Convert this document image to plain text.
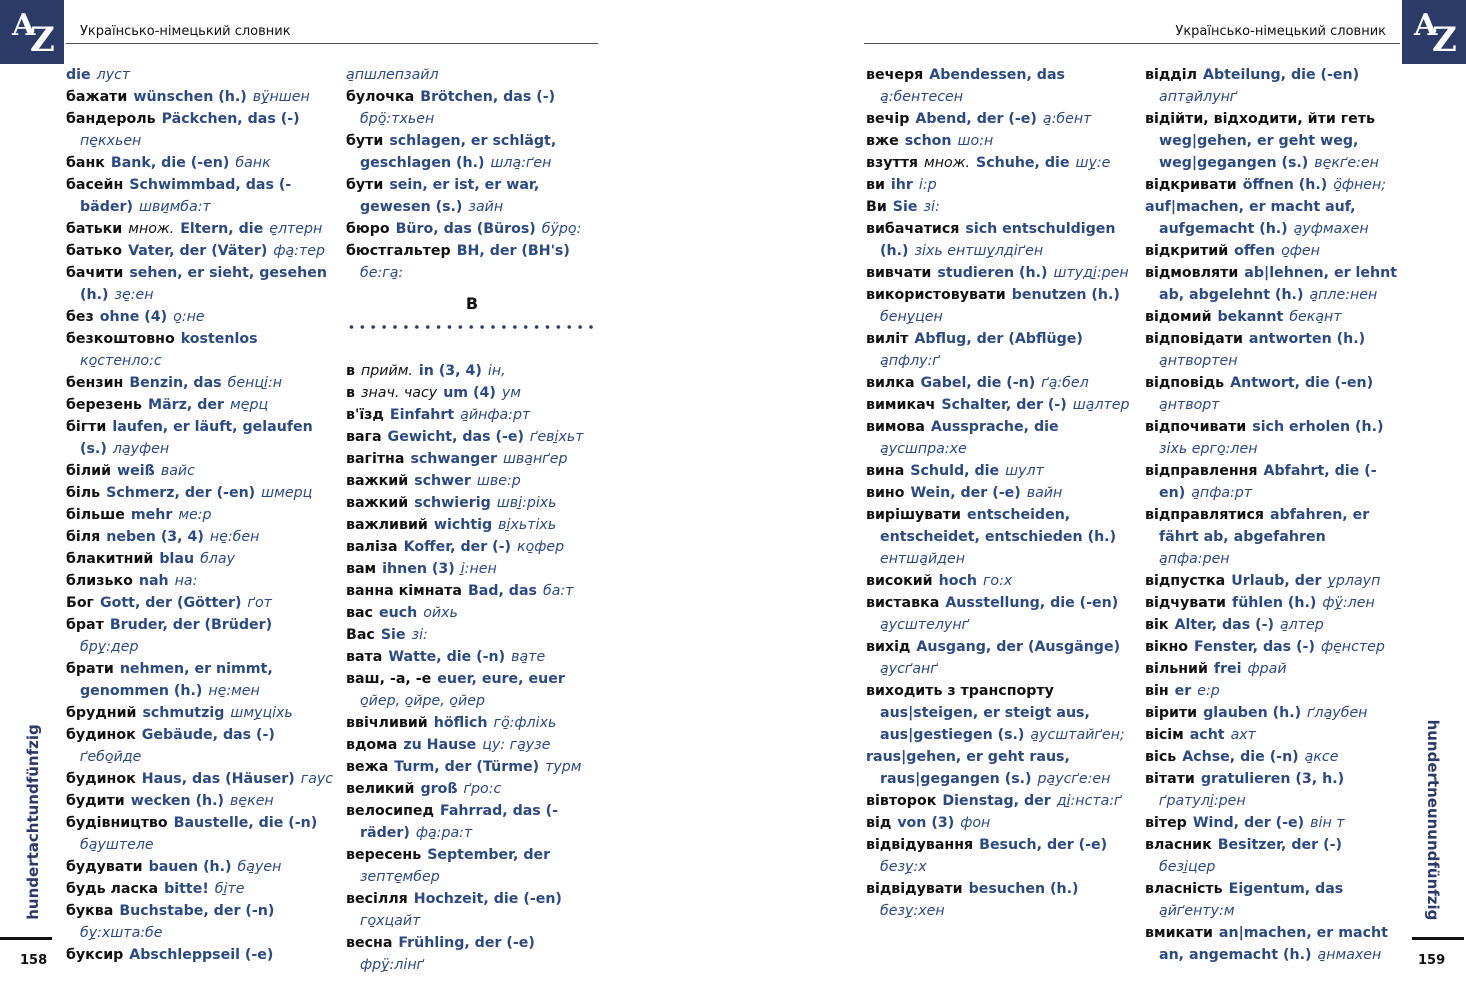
A
Z	A
Z
Українсько-німецький словник	Українсько-німецький словник
die луст
бажати wünschen (h.) вӱ̱ншен
бандероль Päckchen, das (-)пе̱кхьен
банк Bank, die (-en) банк
басейн Schwimmbad, das (-bäder) шви̱мба:т
батьки множ. Eltern, die е̱лтерн
батько Vater, der (Väter) фа̱:тер
бачити sehen, er sieht, gesehen (h.) зе̱:ен
без ohne (4) о̱:не
безкоштовно kostenlosко̱стенло:с
бензин Benzin, das бенці̱:н
березень März, der ме̱рц
бігти laufen, er läuft, gelaufen (s.) ла̱уфен
білий weiß вайс
біль Schmerz, der (-en) шмерц
більше mehr ме:р
біля neben (3, 4) не̱:бен
блакитний blau блау
близько nah на:
Бог Gott, der (Götter) ґот
брат Bruder, der (Brüder)бру̱:дер
брати nehmen, er nimmt, genommen (h.) не̱:мен
брудний schmutzig шму̱ціхь
будинок Gebäude, das (-)ґебо̱йде
будинок Haus, das (Häuser) гаус
будити wecken (h.) ве̱кен
будівництво Baustelle, die (-n)ба̱уштеле
будувати bauen (h.) ба̱уен
будь ласка bitte! бі̱те
буква Buchstabe, der (-n)бу̱:хшта:бе
буксир Abschleppseil (-e)
а̱пшлепзайл
булочка Brötchen, das (-)брӧ̱:тхьен
бути schlagen, er schlägt, geschlagen (h.) шла̱:ґен
бути sein, er ist, er war, gewesen (s.) зайн
бюро Büro, das (Büros) бӱро̱:
бюстгальтер BH, der (BH's)бе:га̱:
В
в прийм. in (3, 4) ін,
в знач. часу um (4) ум
в'їзд Einfahrt а̱йнфа:рт
вага Gewicht, das (-e) ґеві̱хьт
вагітна schwanger шва̱нґер
важкий schwer шве:р
важкий schwierig шві̱:ріхь
важливий wichtig ві̱хьтіхь
валіза Koffer, der (-) ко̱фер
вам ihnen (3) і̱:нен
ванна кімната Bad, das ба:т
вас euch ойхь
Вас Sie зі:
вата Watte, die (-n) ва̱те
ваш, -а, -е euer, eure, euerо̱йер, о̱йре, о̱йер
ввічливий höflich гӧ̱:фліхь
вдома zu Hause цу: га̱узе
вежа Turm, der (Türme) турм
великий groß ґро:с
велосипед Fahrrad, das (-räder) фа̱:ра:т
вересень September, derзепте̱мбер
весілля Hochzeit, die (-en)го̱хцайт
весна Frühling, der (-e)фрӱ̱:лінґ
вечеря Abendessen, dasа̱:бентесен
вечір Abend, der (-e) а̱:бент
вже schon шо:н
взуття множ. Schuhe, die шу̱:е
ви ihr і:р
Ви Sie зі:
вибачатися sich entschuldigen (h.) зіхь ентшу̱лдіґен
вивчати studieren (h.) штуді̱:рен
використовувати benutzen (h.)бену̱цен
виліт Abflug, der (Abflüge)а̱пфлу:ґ
вилка Gabel, die (-n) ґа̱:бел
вимикач Schalter, der (-) ша̱лтер
вимова Aussprache, dieа̱усшпра:хе
вина Schuld, die шулт
вино Wein, der (-e) вайн
вирішувати entscheiden, entscheidet, entschieden (h.)ентша̱йден
високий hoch го:х
виставка Ausstellung, die (-en)а̱усштелунґ
вихід Ausgang, der (Ausgänge)а̱усґанґ
виходить з транспортуaus|steigen, er steigt aus, aus|gestiegen (s.) а̱усштайґен;
raus|gehen, er geht raus, raus|gegangen (s.) ра̱усґе:ен
вівторок Dienstag, der ді̱:нста:ґ
від von (3) фон
відвідування Besuch, der (-e)безу̱:х
відвідувати besuchen (h.)безу̱:хен
відділ Abteilung, die (-en)аптa̱йлунґ
відійти, відходити, йти гетьweg|gehen, er geht weg, weg|gegangen (s.) ве̱кґе:ен
відкривати öffnen (h.) ӧ̱фнен;
auf|machen, er macht auf, aufgemacht (h.) а̱уфмахен
відкритий offen о̱фен
відмовляти ab|lehnen, er lehnt ab, abgelehnt (h.) а̱пле:нен
відомий bekannt бека̱нт
відповідати antworten (h.)а̱нтвортен
відповідь Antwort, die (-en)а̱нтворт
відпочивати sich erholen (h.)зіхь ерго̱:лен
відправлення Abfahrt, die (-en) а̱пфа:рт
відправлятися abfahren, er fährt ab, abgefahrenа̱пфа:рен
відпустка Urlaub, der у̱рлауп
відчувати fühlen (h.) фӱ̱:лен
вік Alter, das (-) а̱лтер
вікно Fenster, das (-) фе̱нстер
вільний frei фрай
він er е:р
вірити glauben (h.) ґла̱убен
вісім acht ахт
вісь Achse, die (-n) а̱ксе
вітати gratulieren (3, h.)ґратулі̱:рен
вітер Wind, der (-e) він т
власник Besitzer, der (-)безі̱цер
власність Eigentum, dasа̱йґенту:м
вмикати an|machen, er macht an, angemacht (h.) а̱нмахен
hundertachtundfünfzig	hundertneunundfünfzig
158	159
